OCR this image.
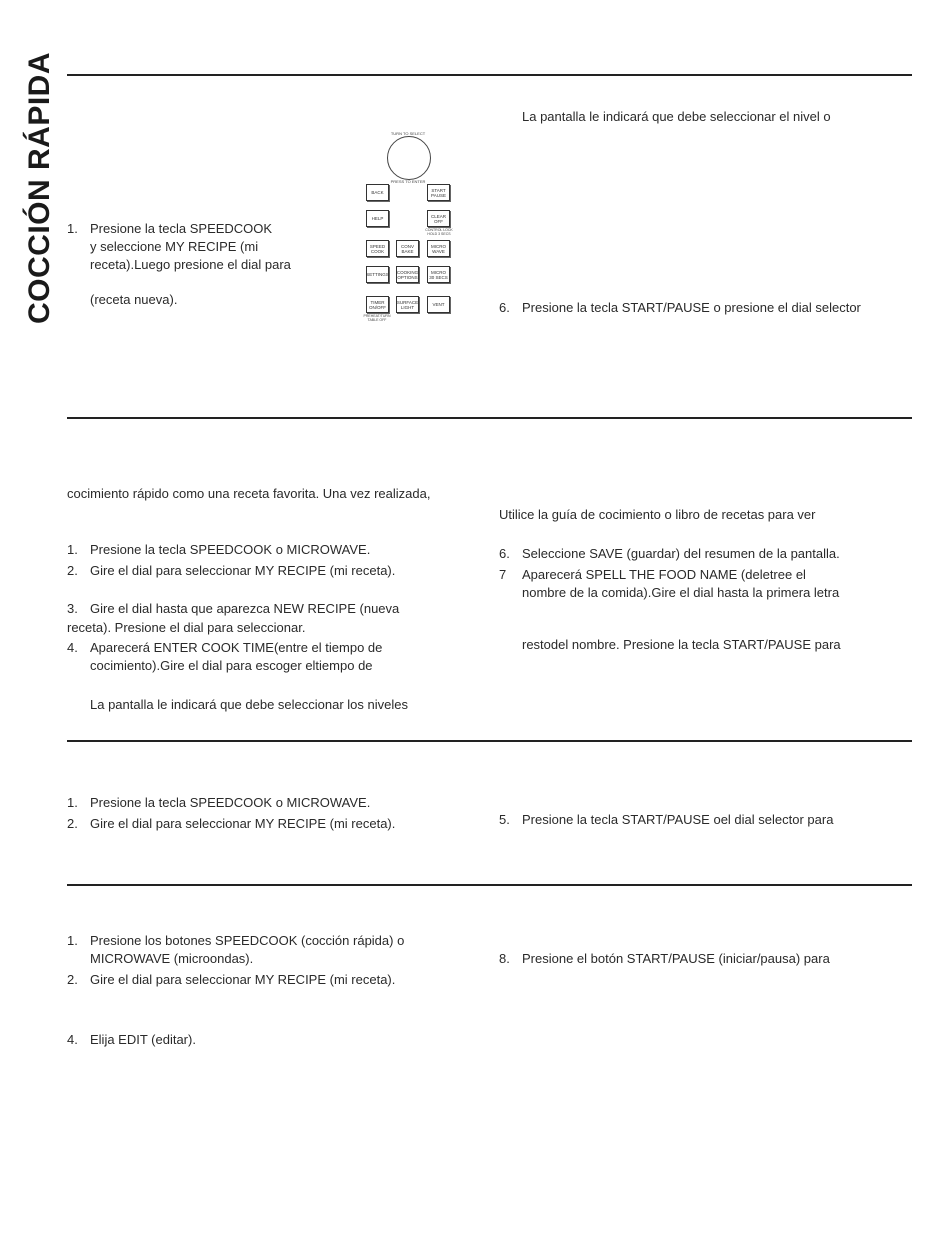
COCCIÓN RÁPIDA 1. Presione la tecla SPEEDCOOK
y seleccione MY RECIPE (mi
receta).Luego presione el dial para
(receta nueva).
La pantalla le indicará que debe seleccionar el nivel o
6. Presione la tecla START/PAUSE o presione el dial selector
TURN TO SELECT
PRESS TO ENTER
BACK	START PAUSE
HELP	CLEAR OFF
CONTROL LOCK HOLD 3 SECS
SPEED COOK
CONV BAKE
MICRO WAVE
SETTINGS COOKING OPTIONS
MICRO 30 SECS
TIMER ON/OFF
SURFACE LIGHT	VENT
PREHEAT/TURN TABLE OFF
cocimiento rápido como una receta favorita. Una vez realizada,
1. Presione la tecla SPEEDCOOK o MICROWAVE.
2. Gire el dial para seleccionar MY RECIPE (mi receta).
3. Gire el dial hasta que aparezca NEW RECIPE (nueva
receta). Presione el dial para seleccionar.
4. Aparecerá ENTER COOK TIME(entre el tiempo de
cocimiento).Gire el dial para escoger eltiempo de
La pantalla le indicará que debe seleccionar los niveles
Utilice la guía de cocimiento o libro de recetas para ver
6. Seleccione SAVE (guardar) del resumen de la pantalla.
7 Aparecerá SPELL THE FOOD NAME (deletree el
nombre de la comida).Gire el dial hasta la primera letra
restodel nombre. Presione la tecla START/PAUSE para
1. Presione la tecla SPEEDCOOK o MICROWAVE.
2. Gire el dial para seleccionar MY RECIPE (mi receta).	5. Presione la tecla START/PAUSE oel dial selector para
1. Presione los botones SPEEDCOOK (cocción rápida) o
MICROWAVE (microondas).
2. Gire el dial para seleccionar MY RECIPE (mi receta).
4. Elija EDIT (editar).
8. Presione el botón START/PAUSE (iniciar/pausa) para
